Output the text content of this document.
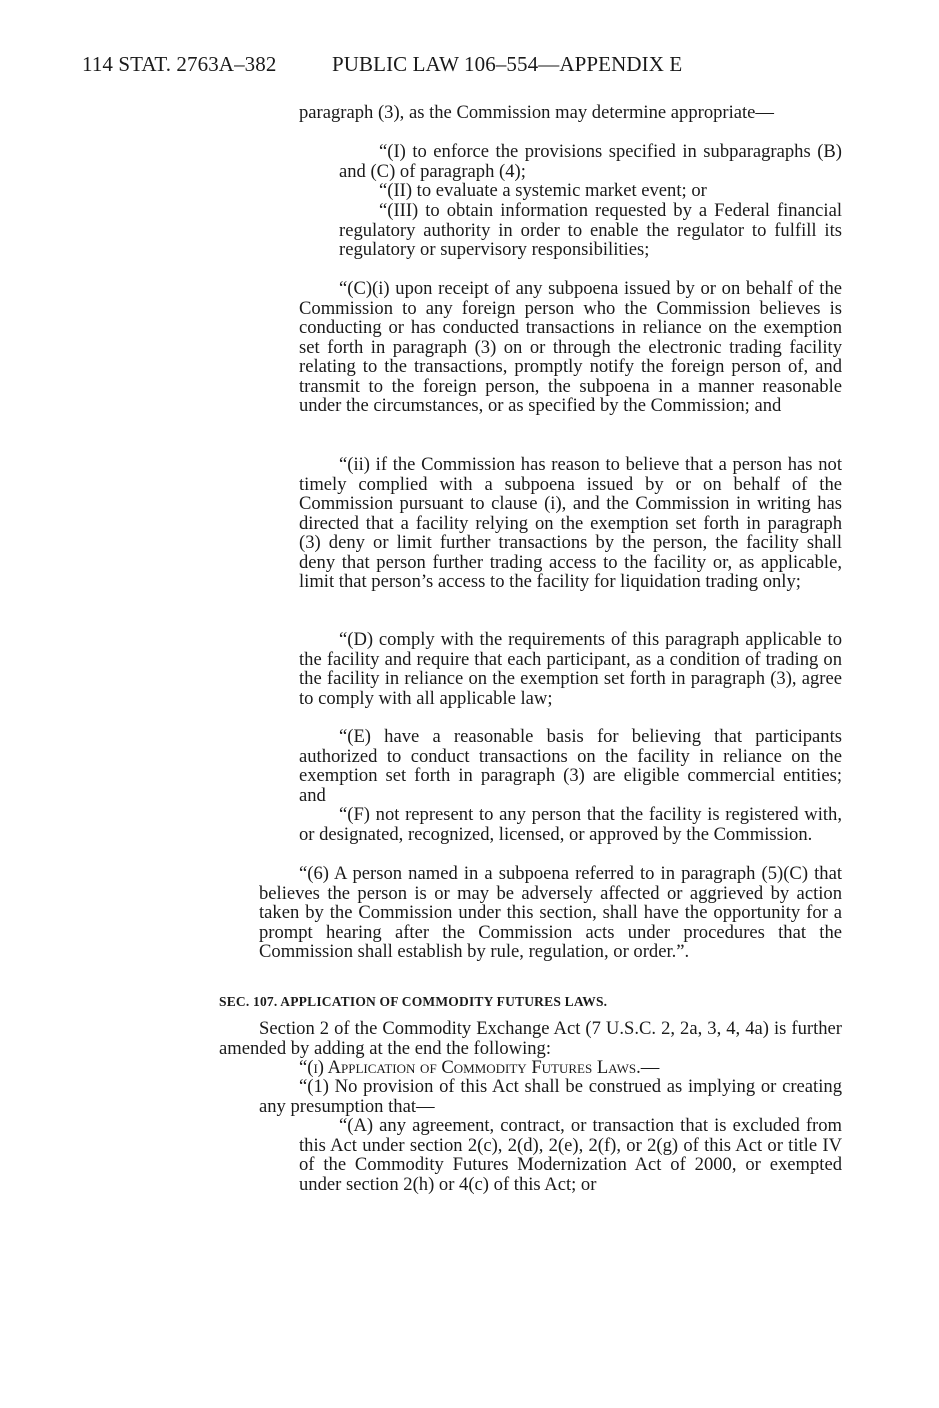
114 STAT. 2763A–382	PUBLIC LAW 106–554—APPENDIX E

paragraph (3), as the Commission may determine appropriate—

“(I) to enforce the provisions specified in subparagraphs (B) and (C) of paragraph (4);

“(II) to evaluate a systemic market event; or

“(III) to obtain information requested by a Federal financial regulatory authority in order to enable the regulator to fulfill its regulatory or supervisory responsibilities;

“(C)(i) upon receipt of any subpoena issued by or on behalf of the Commission to any foreign person who the Commission believes is conducting or has conducted transactions in reliance on the exemption set forth in paragraph (3) on or through the electronic trading facility relating to the transactions, promptly notify the foreign person of, and transmit to the foreign person, the subpoena in a manner reasonable under the circumstances, or as specified by the Commission; and

“(ii) if the Commission has reason to believe that a person has not timely complied with a subpoena issued by or on behalf of the Commission pursuant to clause (i), and the Commission in writing has directed that a facility relying on the exemption set forth in paragraph (3) deny or limit further transactions by the person, the facility shall deny that person further trading access to the facility or, as applicable, limit that person’s access to the facility for liquidation trading only;

“(D) comply with the requirements of this paragraph applicable to the facility and require that each participant, as a condition of trading on the facility in reliance on the exemption set forth in paragraph (3), agree to comply with all applicable law;

“(E) have a reasonable basis for believing that participants authorized to conduct transactions on the facility in reliance on the exemption set forth in paragraph (3) are eligible commercial entities; and

“(F) not represent to any person that the facility is registered with, or designated, recognized, licensed, or approved by the Commission.

“(6) A person named in a subpoena referred to in paragraph (5)(C) that believes the person is or may be adversely affected or aggrieved by action taken by the Commission under this section, shall have the opportunity for a prompt hearing after the Commission acts under procedures that the Commission shall establish by rule, regulation, or order.”.

SEC. 107. APPLICATION OF COMMODITY FUTURES LAWS.

Section 2 of the Commodity Exchange Act (7 U.S.C. 2, 2a, 3, 4, 4a) is further amended by adding at the end the following:

“(i) Application of Commodity Futures Laws.—

“(1) No provision of this Act shall be construed as implying or creating any presumption that—

“(A) any agreement, contract, or transaction that is excluded from this Act under section 2(c), 2(d), 2(e), 2(f), or 2(g) of this Act or title IV of the Commodity Futures Modernization Act of 2000, or exempted under section 2(h) or 4(c) of this Act; or
